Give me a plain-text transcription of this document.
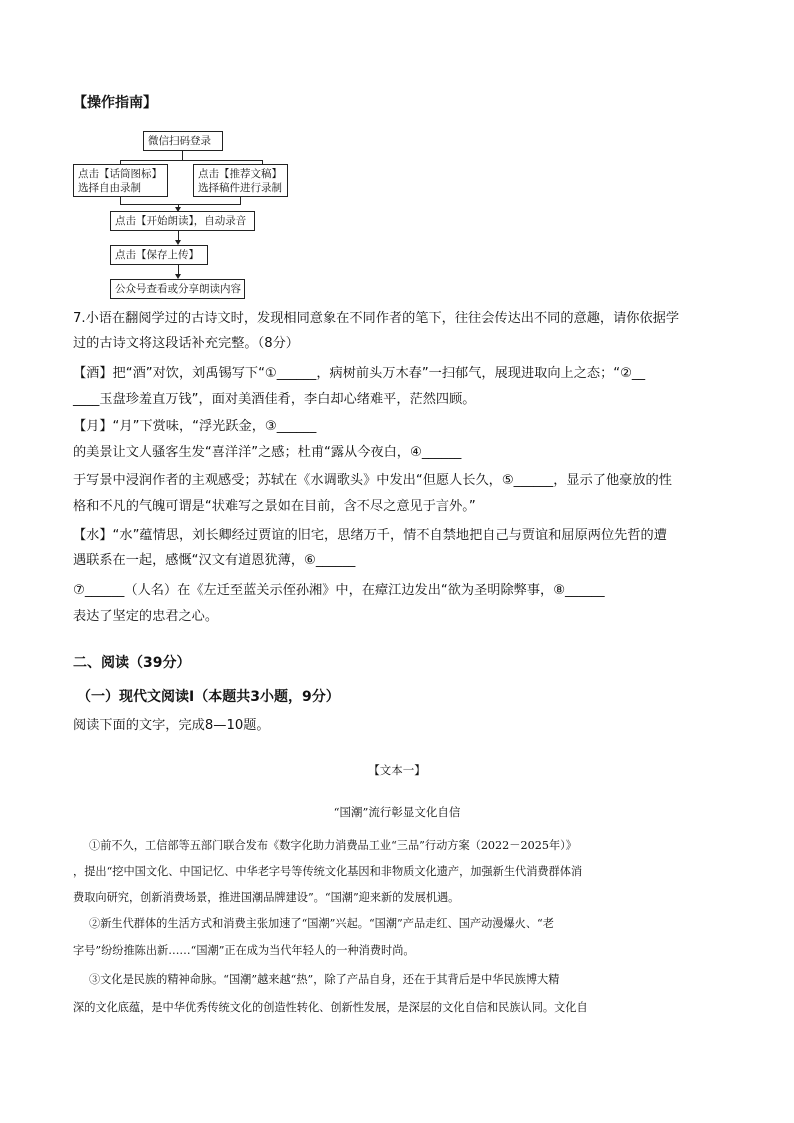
【操作指南】
微信扫码登录
点击【话筒图标】
选择自由录制
点击【推荐文稿】
选择稿件进行录制
点击【开始朗读】，自动录音
点击【保存上传】
公众号查看或分享朗读内容
7.小语在翻阅学过的古诗文时，发现相同意象在不同作者的笔下，往往会传达出不同的意趣，请你依据学
过的古诗文将这段话补充完整。（8分）
【酒】把“酒”对饮，刘禹锡写下“①______，病树前头万木春”一扫郁气，展现进取向上之态；“②__
____玉盘珍羞直万钱”，面对美酒佳肴，李白却心绪难平，茫然四顾。
【月】“月”下赏味，“浮光跃金，③______
的美景让文人骚客生发“喜洋洋”之感；杜甫“露从今夜白，④______
于写景中浸润作者的主观感受；苏轼在《水调歌头》中发出“但愿人长久，⑤______，显示了他豪放的性
格和不凡的气魄可谓是“状难写之景如在目前，含不尽之意见于言外。”
【水】“水”蕴情思，刘长卿经过贾谊的旧宅，思绪万千，情不自禁地把自己与贾谊和屈原两位先哲的遭
遇联系在一起，感慨“汉文有道恩犹薄，⑥______
⑦______（人名）在《左迁至蓝关示侄孙湘》中，在瘴江边发出“欲为圣明除弊事，⑧______
表达了坚定的忠君之心。
二、阅读（39分）
（一）现代文阅读Ⅰ（本题共3小题，9分）
阅读下面的文字，完成8—10题。
【文本一】
“国潮”流行彰显文化自信
①前不久，工信部等五部门联合发布《数字化助力消费品工业“三品”行动方案（2022－2025年）》
，提出“挖中国文化、中国记忆、中华老字号等传统文化基因和非物质文化遗产，加强新生代消费群体消
费取向研究，创新消费场景，推进国潮品牌建设”。“国潮”迎来新的发展机遇。
②新生代群体的生活方式和消费主张加速了“国潮”兴起。“国潮”产品走红、国产动漫爆火、“老
字号”纷纷推陈出新……“国潮”正在成为当代年轻人的一种消费时尚。
③文化是民族的精神命脉。“国潮”越来越“热”，除了产品自身，还在于其背后是中华民族博大精
深的文化底蕴，是中华优秀传统文化的创造性转化、创新性发展，是深层的文化自信和民族认同。文化自
